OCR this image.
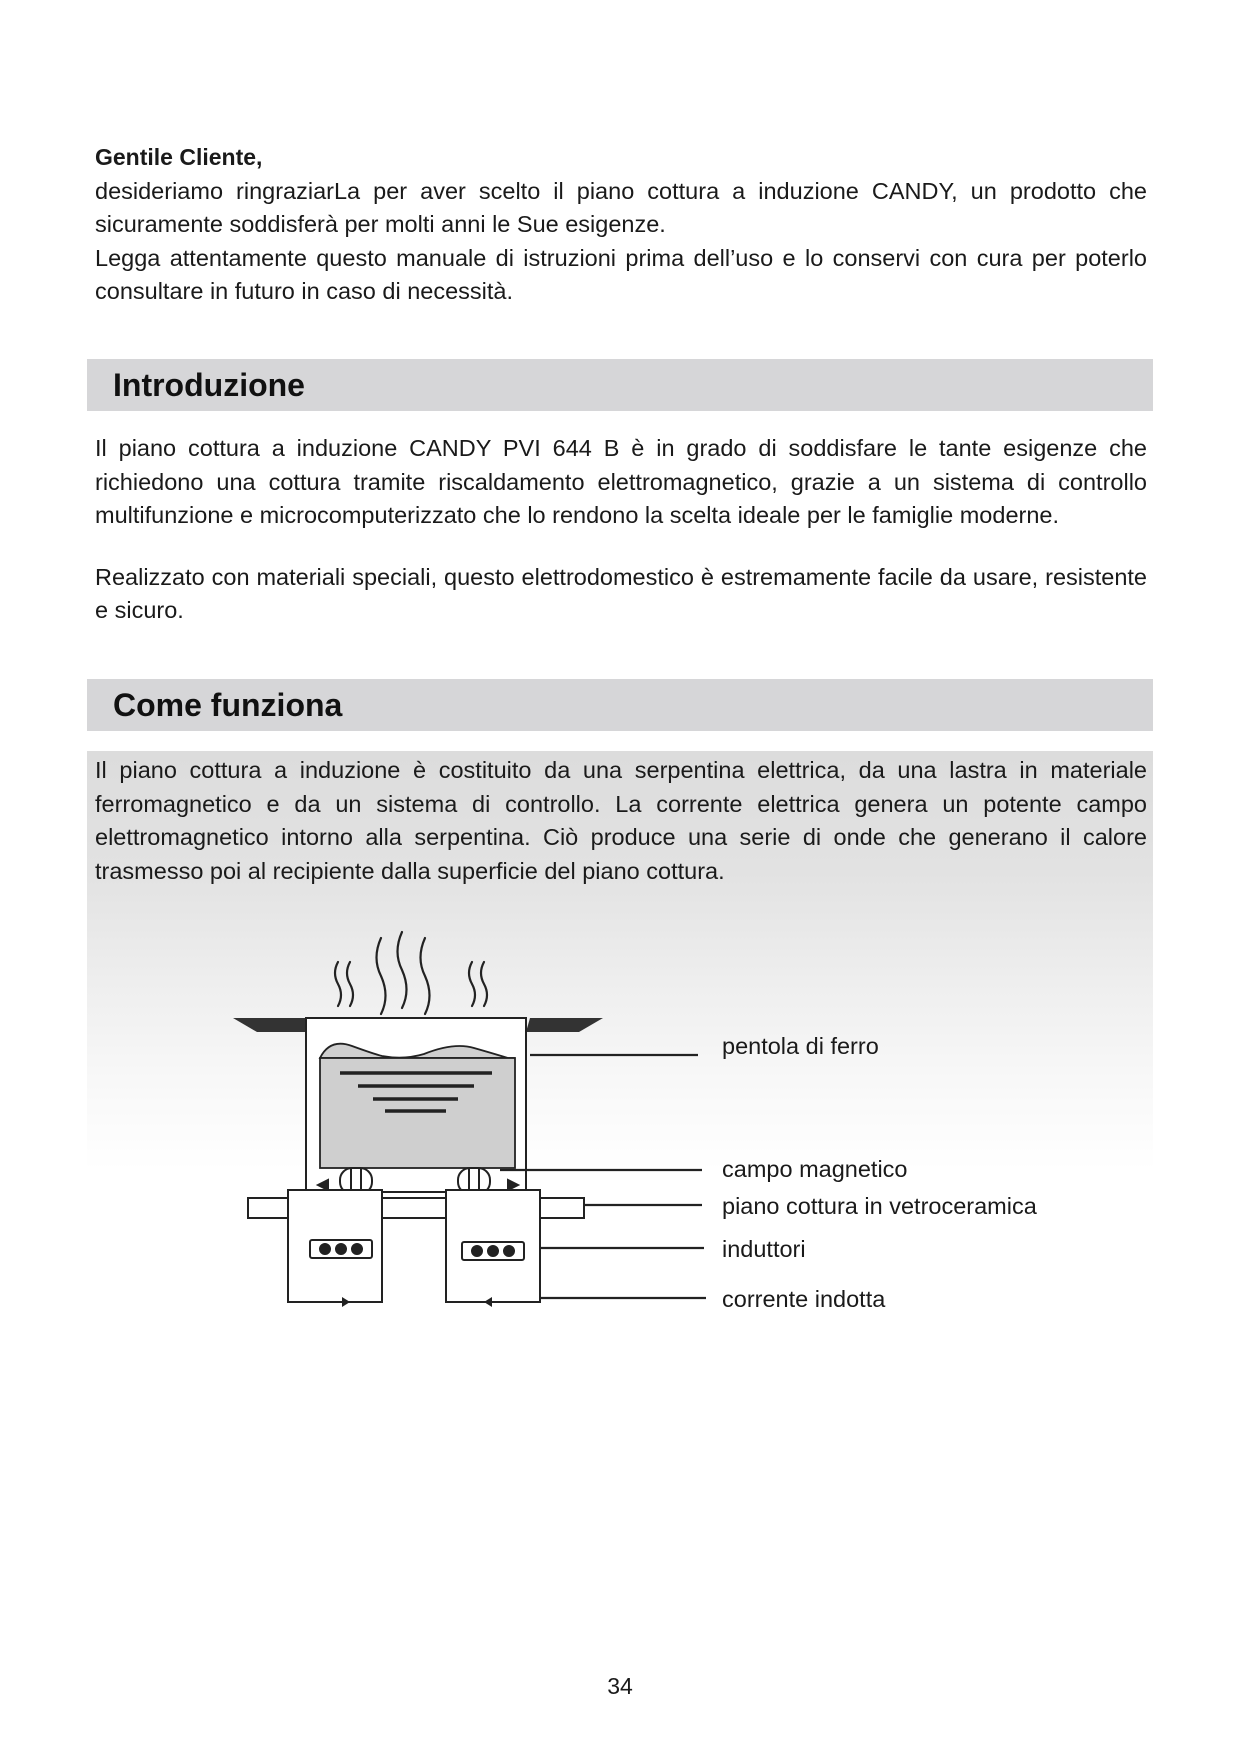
Gentile Cliente,

desideriamo ringraziarLa per aver scelto il piano cottura a induzione CANDY, un prodotto che sicuramente soddisferà per molti anni le Sue esigenze.

Legga attentamente questo manuale di istruzioni prima dell’uso e lo conservi con cura per poterlo consultare in futuro in caso di necessità.

Introduzione

Il piano cottura a induzione CANDY PVI 644 B è in grado di soddisfare le tante esigenze che richiedono una cottura tramite riscaldamento elettromagnetico, grazie a un sistema di controllo multifunzione e microcomputerizzato che lo rendono la scelta ideale per le famiglie moderne.

Realizzato con materiali speciali, questo elettrodomestico è estremamente facile da usare, resistente e sicuro.

Come funziona

Il piano cottura a induzione è costituito da una serpentina elettrica, da una lastra in materiale ferromagnetico e da un sistema di controllo. La corrente elettrica genera un potente campo elettromagnetico intorno alla serpentina. Ciò produce una serie di onde che generano il calore trasmesso poi al recipiente dalla superficie del piano cottura.

pentola di ferro
campo magnetico
piano cottura in vetroceramica
induttori
corrente indotta
34
